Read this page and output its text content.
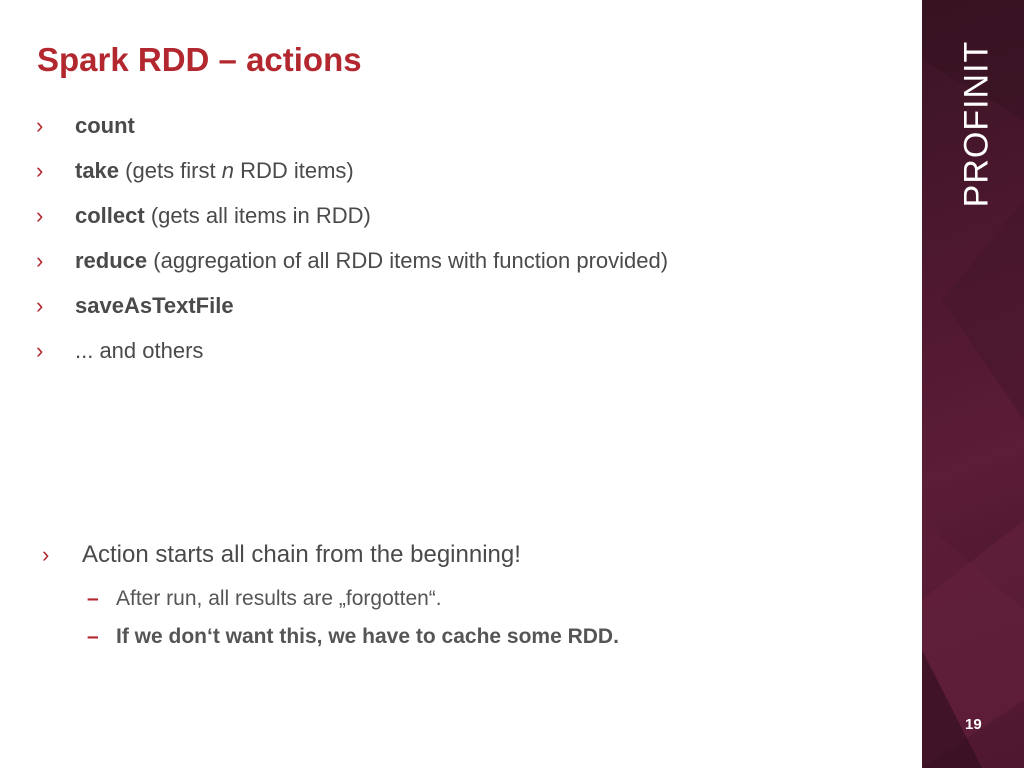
Spark RDD – actions
›	count
›	take (gets first n RDD items)
›	collect (gets all items in RDD)
›	reduce (aggregation of all RDD items with function provided)
›	saveAsTextFile
›	... and others
› Action starts all chain from the beginning!
– After run, all results are „forgotten“.
– If we don‘t want this, we have to cache some RDD.
PROFINIT
19
